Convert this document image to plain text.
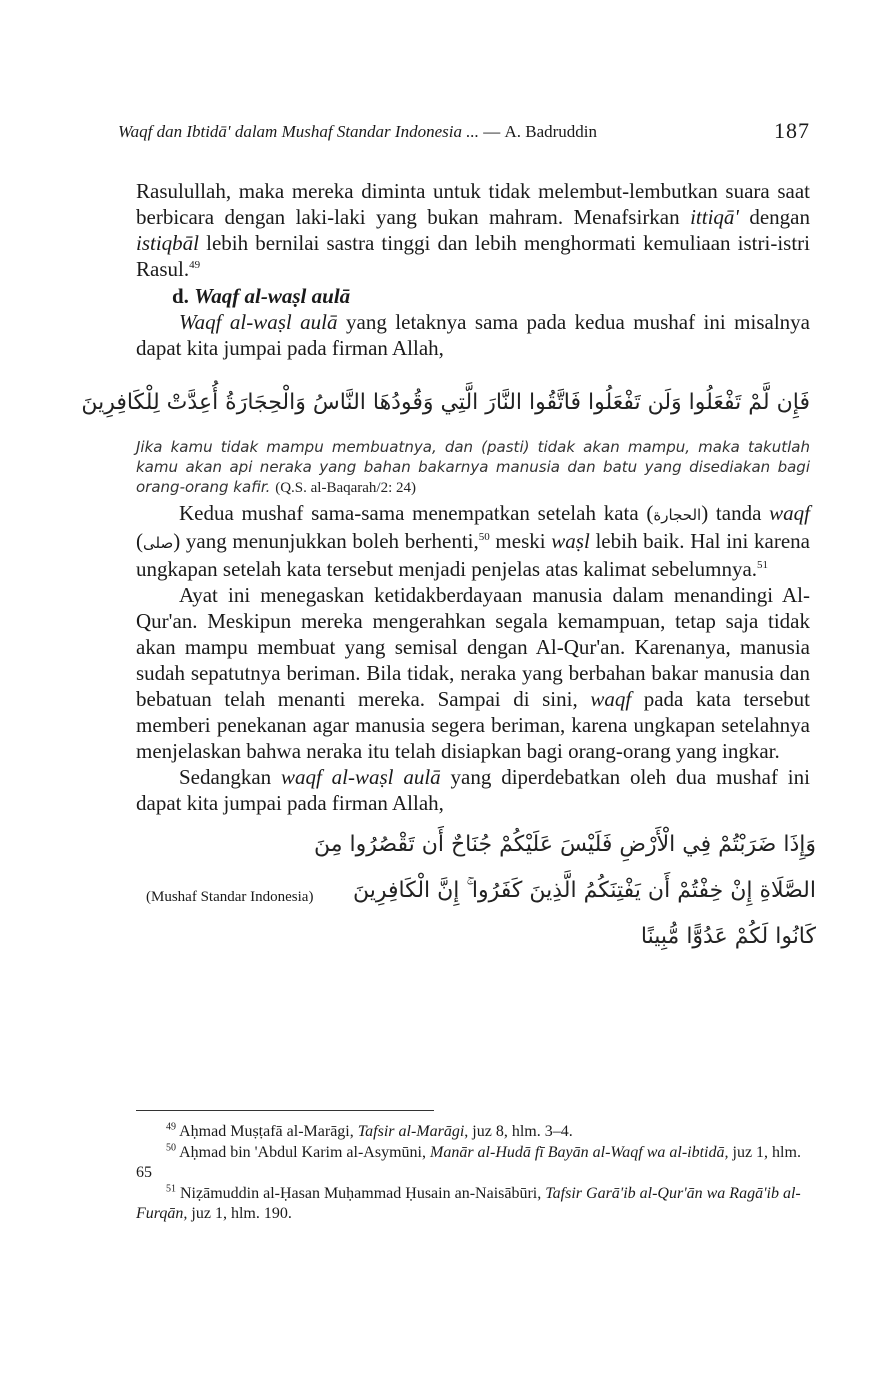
Waqf dan Ibtidā' dalam Mushaf Standar Indonesia ... — A. Badruddin	187

Rasulullah, maka mereka diminta untuk tidak melembut-lembutkan suara saat berbicara dengan laki-laki yang bukan mahram. Menafsirkan ittiqā' dengan istiqbāl lebih bernilai sastra tinggi dan lebih menghormati kemuliaan istri-istri Rasul.$^{49}$

d. Waqf al-waṣl aulā

Waqf al-waṣl aulā yang letaknya sama pada kedua mushaf ini misalnya dapat kita jumpai pada firman Allah,

فَإِن لَّمْ تَفْعَلُوا وَلَن تَفْعَلُوا فَاتَّقُوا النَّارَ الَّتِي وَقُودُهَا النَّاسُ وَالْحِجَارَةُ أُعِدَّتْ لِلْكَافِرِينَ

Jika kamu tidak mampu membuatnya, dan (pasti) tidak akan mampu, maka takutlah kamu akan api neraka yang bahan bakarnya manusia dan batu yang disediakan bagi orang-orang kafir. (Q.S. al-Baqarah/2: 24)

Kedua mushaf sama-sama menempatkan setelah kata (الحجارة) tanda waqf (صلى) yang menunjukkan boleh berhenti,$^{50}$ meski waṣl lebih baik. Hal ini karena ungkapan setelah kata tersebut menjadi penjelas atas kalimat sebelumnya.$^{51}$

Ayat ini menegaskan ketidakberdayaan manusia dalam menandingi Al-Qur'an. Meskipun mereka mengerahkan segala kemampuan, tetap saja tidak akan mampu membuat yang semisal dengan Al-Qur'an. Karenanya, manusia sudah sepatutnya beriman. Bila tidak, neraka yang berbahan bakar manusia dan bebatuan telah menanti mereka. Sampai di sini, waqf pada kata tersebut memberi penekanan agar manusia segera beriman, karena ungkapan setelahnya menjelaskan bahwa neraka itu telah disiapkan bagi orang-orang yang ingkar.

Sedangkan waqf al-waṣl aulā yang diperdebatkan oleh dua mushaf ini dapat kita jumpai pada firman Allah,

(Mushaf Standar Indonesia)
وَإِذَا ضَرَبْتُمْ فِي الْأَرْضِ فَلَيْسَ عَلَيْكُمْ جُنَاحٌ أَن تَقْصُرُوا مِنَ
الصَّلَاةِ إِنْ خِفْتُمْ أَن يَفْتِنَكُمُ الَّذِينَ كَفَرُوا ۚ إِنَّ الْكَافِرِينَ
كَانُوا لَكُمْ عَدُوًّا مُّبِينًا

$^{49}$ Aḥmad Muṣṭafā al-Marāgi, Tafsir al-Marāgi, juz 8, hlm. 3–4.

$^{50}$ Aḥmad bin 'Abdul Karim al-Asymūni, Manār al-Hudā fī Bayān al-Waqf wa al-ibtidā, juz 1, hlm. 65

$^{51}$ Niẓāmuddin al-Ḥasan Muḥammad Ḥusain an-Naisābūri, Tafsir Garā'ib al-Qur'ān wa Ragā'ib al-Furqān, juz 1, hlm. 190.
